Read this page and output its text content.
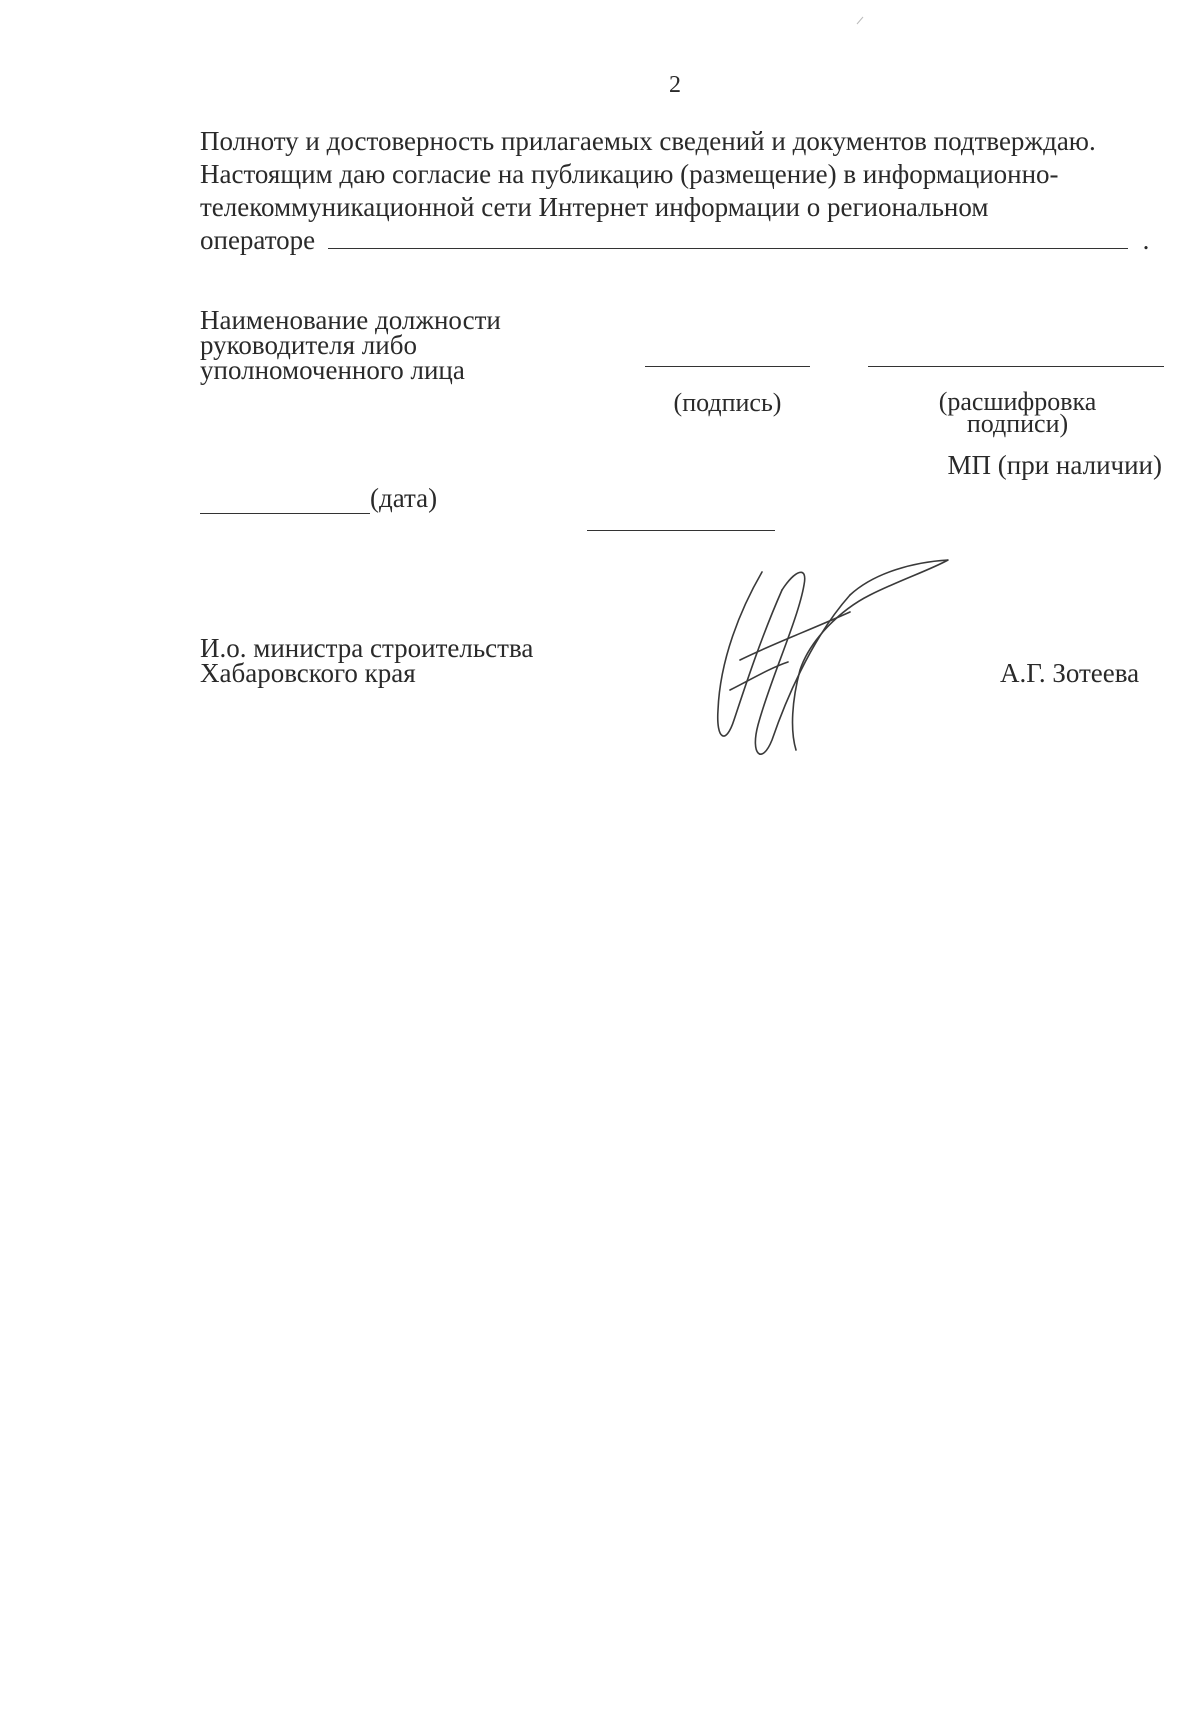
2
Полноту и достоверность прилагаемых сведений и документов подтверждаю.
Настоящим даю согласие на публикацию (размещение) в информационно-
телекоммуникационной сети Интернет информации о региональном
операторе	.
Наименование должности
руководителя либо
уполномоченного лица
(подпись)	(расшифровка
подписи)
МП (при наличии)
(дата)
И.о. министра строительства
Хабаровского края	А.Г. Зотеева
